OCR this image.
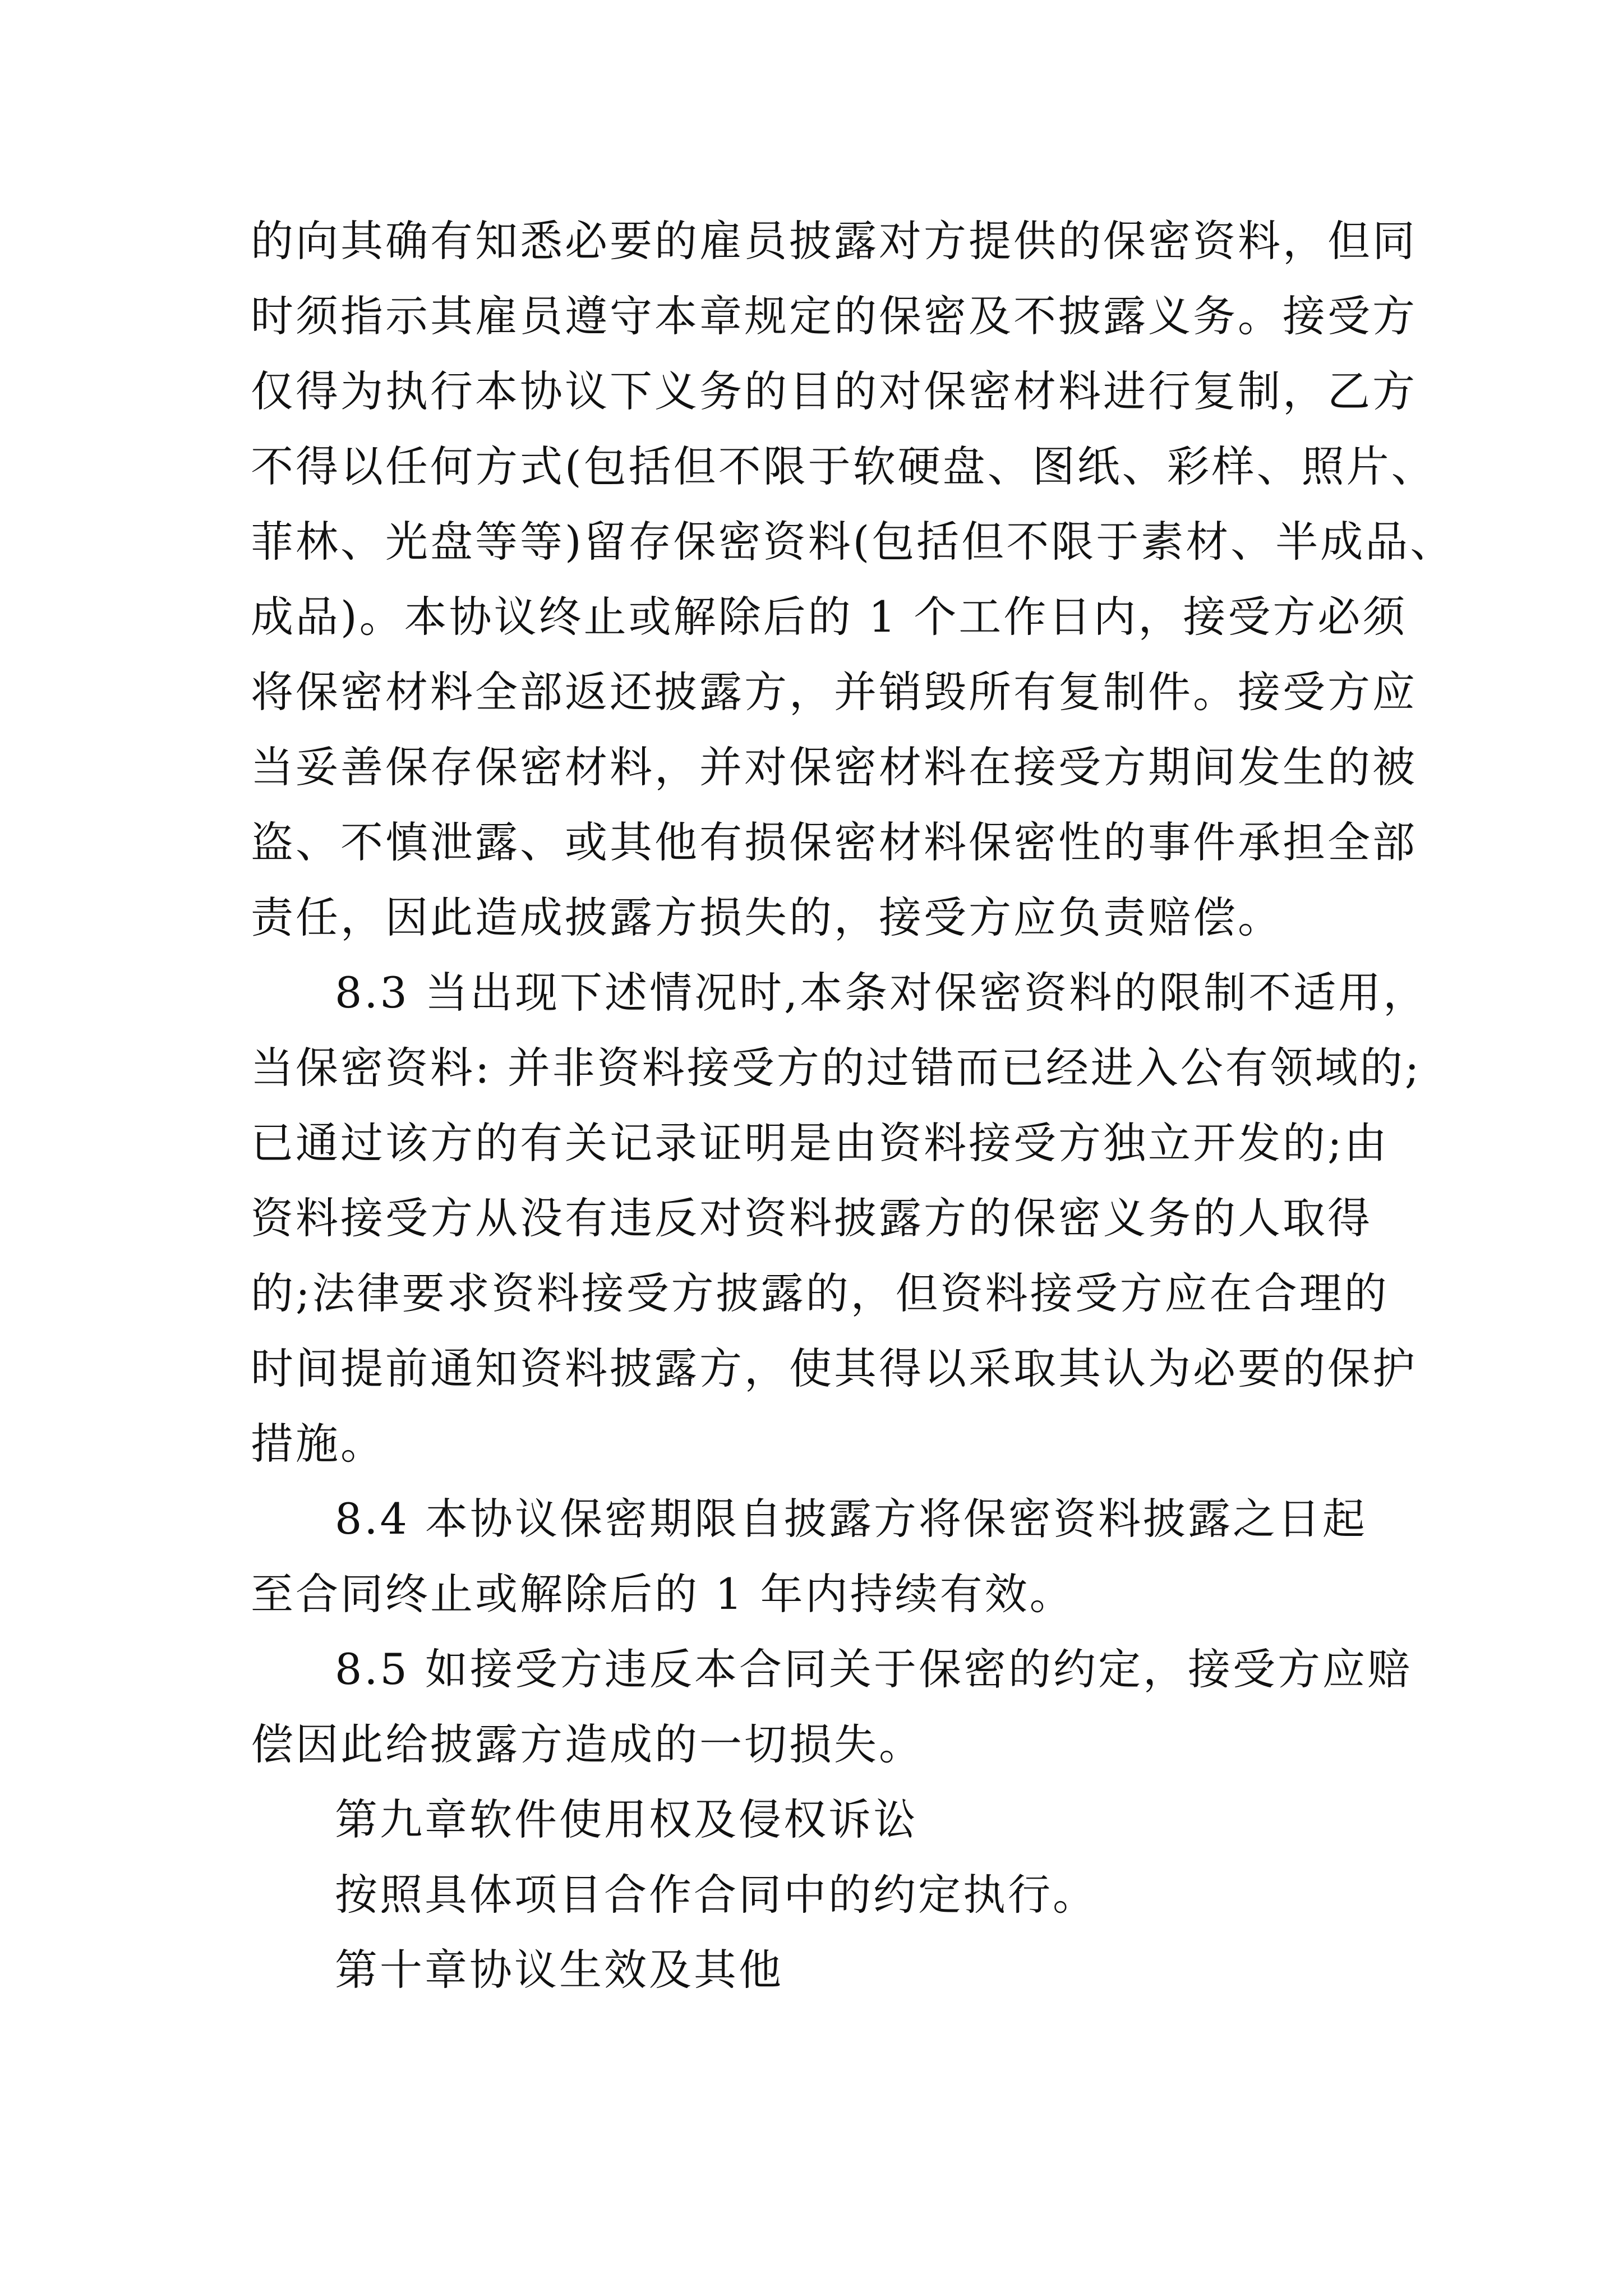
的向其确有知悉必要的雇员披露对方提供的保密资料，但同
时须指示其雇员遵守本章规定的保密及不披露义务。接受方
仅得为执行本协议下义务的目的对保密材料进行复制，乙方
不得以任何方式(包括但不限于软硬盘、图纸、彩样、照片、
菲林、光盘等等)留存保密资料(包括但不限于素材、半成品、
成品)。本协议终止或解除后的 1 个工作日内，接受方必须
将保密材料全部返还披露方，并销毁所有复制件。接受方应
当妥善保存保密材料，并对保密材料在接受方期间发生的被
盗、不慎泄露、或其他有损保密材料保密性的事件承担全部
责任，因此造成披露方损失的，接受方应负责赔偿。
8.3 当出现下述情况时,本条对保密资料的限制不适用，
当保密资料: 并非资料接受方的过错而已经进入公有领域的;
已通过该方的有关记录证明是由资料接受方独立开发的;由
资料接受方从没有违反对资料披露方的保密义务的人取得
的;法律要求资料接受方披露的，但资料接受方应在合理的
时间提前通知资料披露方，使其得以采取其认为必要的保护
措施。
8.4 本协议保密期限自披露方将保密资料披露之日起
至合同终止或解除后的 1 年内持续有效。
8.5 如接受方违反本合同关于保密的约定，接受方应赔
偿因此给披露方造成的一切损失。
第九章软件使用权及侵权诉讼
按照具体项目合作合同中的约定执行。
第十章协议生效及其他
